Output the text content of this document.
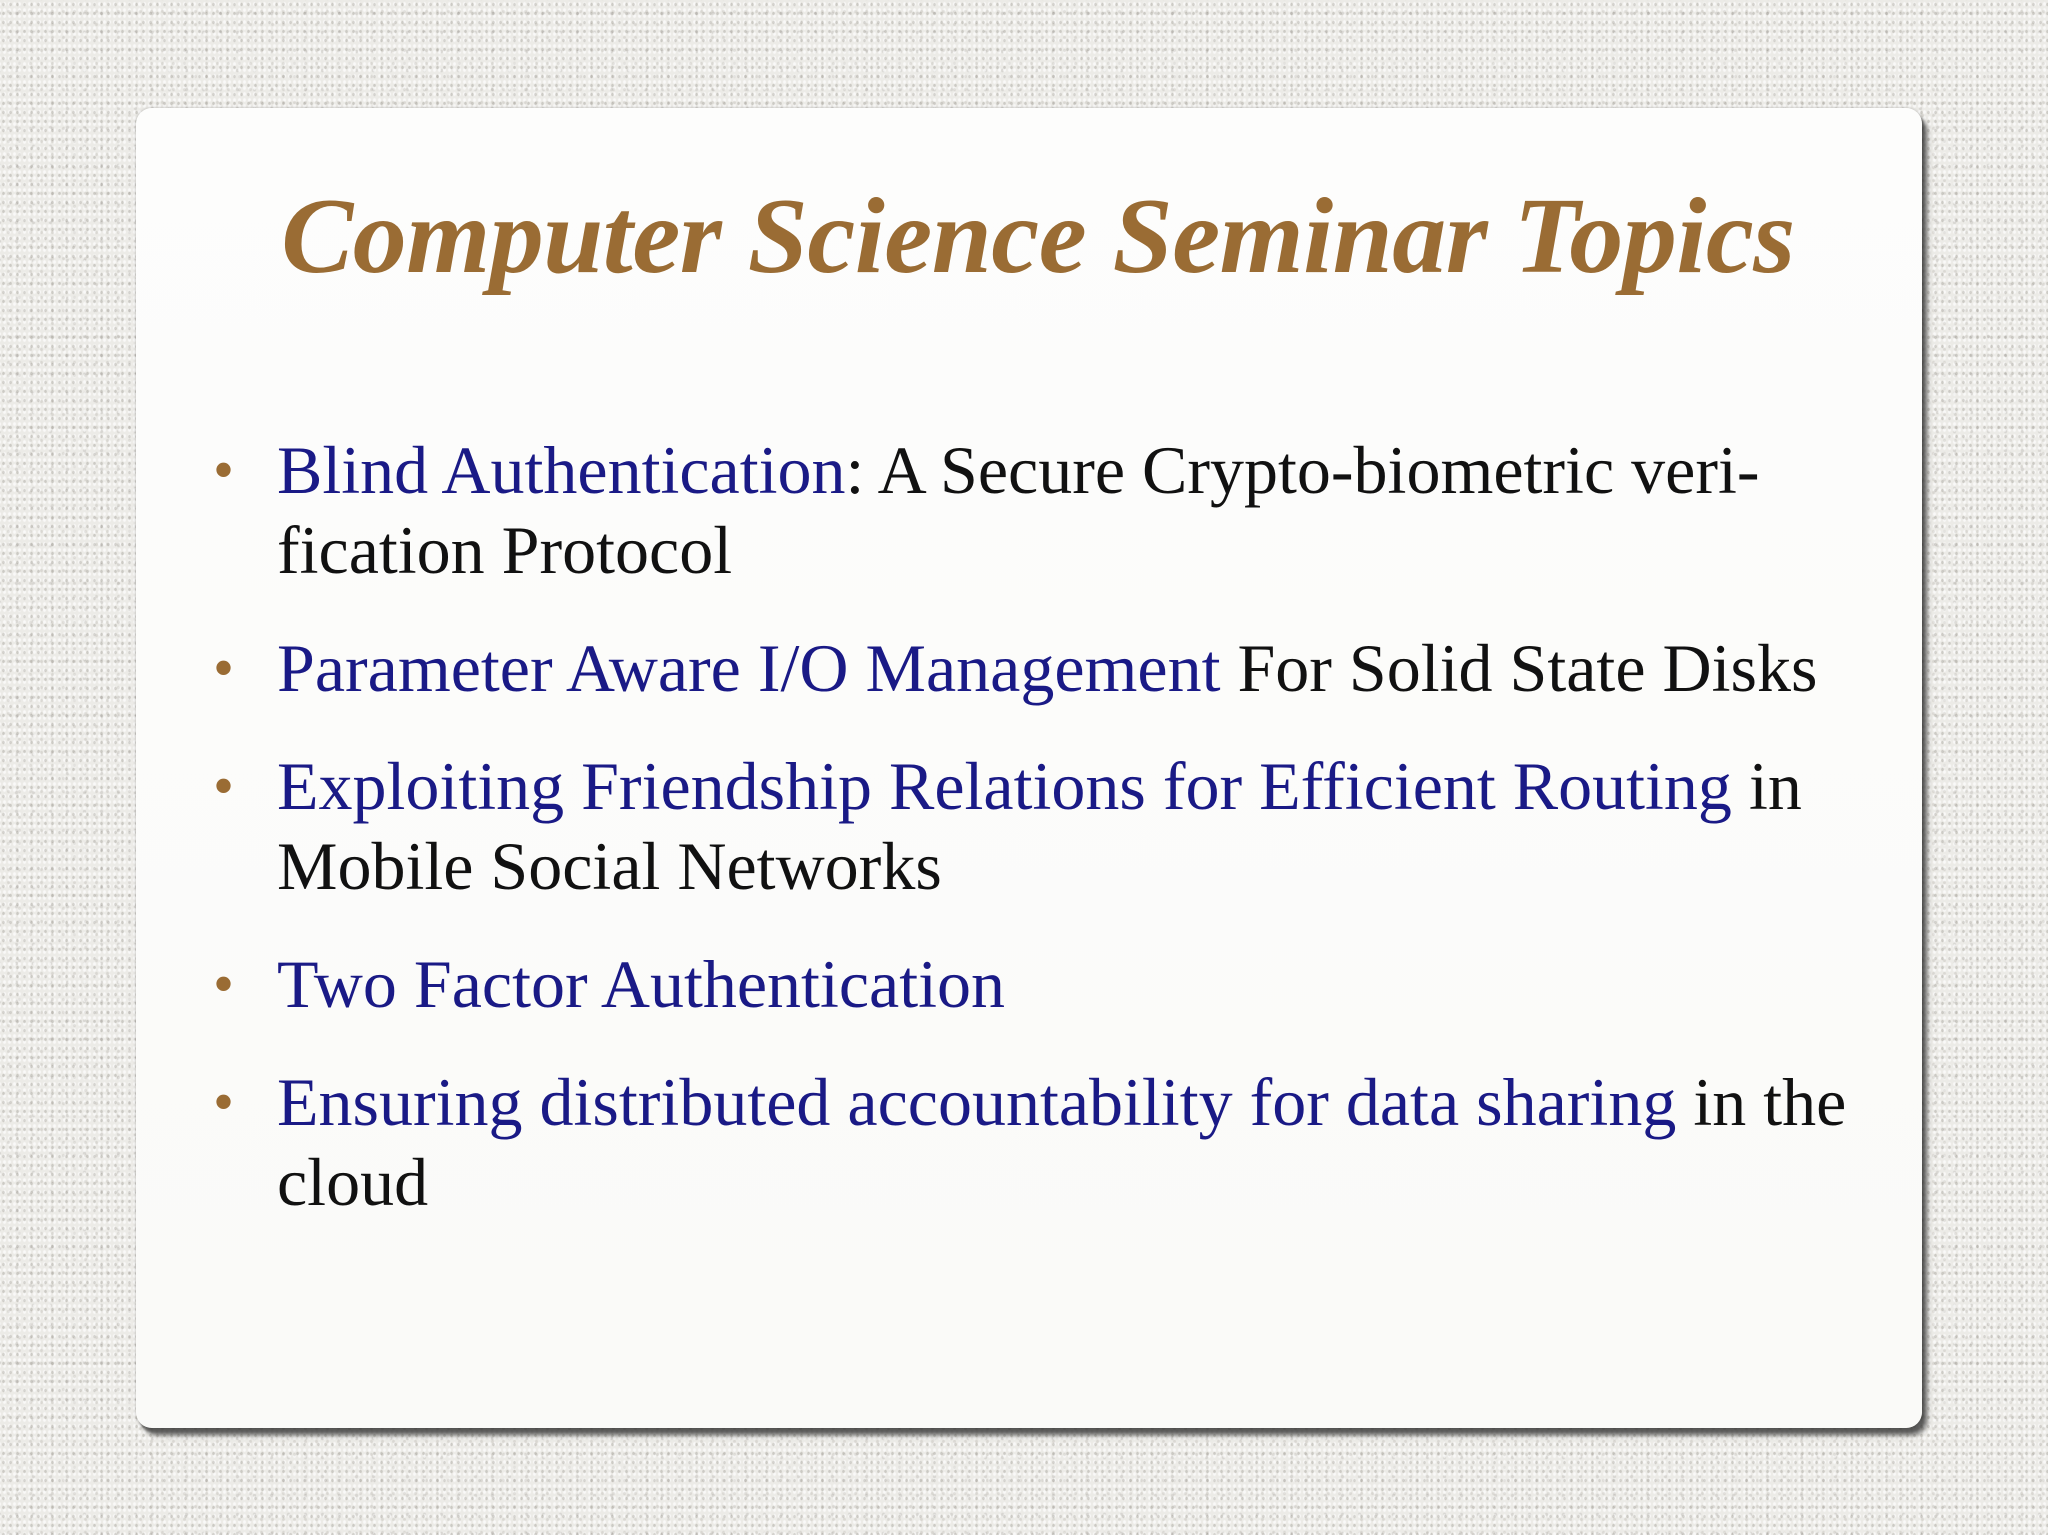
Computer Science Seminar Topics
• Blind Authentication: A Secure Crypto-biometric veri-fication Protocol
• Parameter Aware I/O Management For Solid State Disks
• Exploiting Friendship Relations for Efficient Routing in Mobile Social Networks
• Two Factor Authentication
• Ensuring distributed accountability for data sharing in the cloud
